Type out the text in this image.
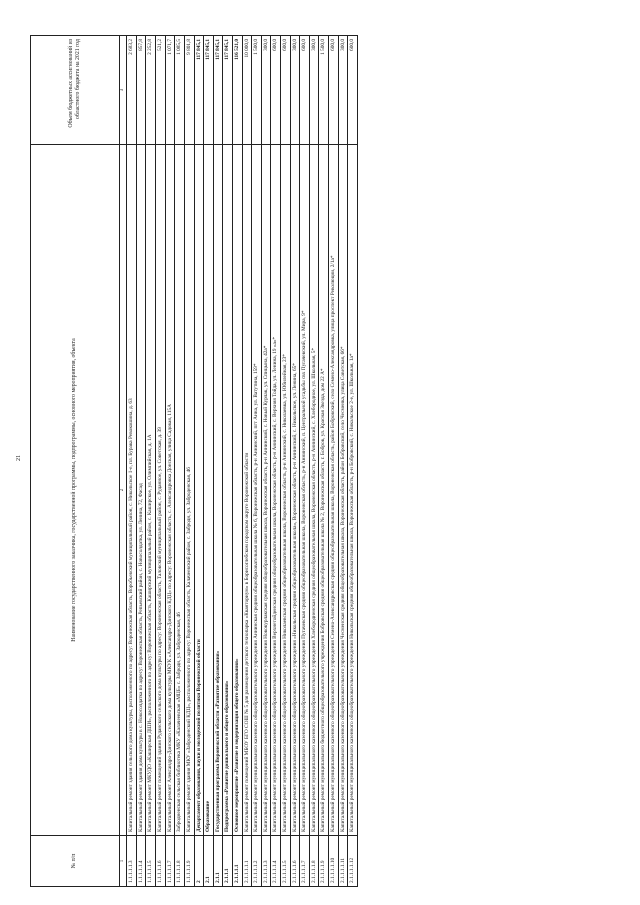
21
№ п/п	Наименование государственного заказчика, государственной программы, подпрограммы, основного мероприятия, объекта	Объем бюджетных ассигнований из областного бюджета на 2021 год
1	2	3
1.1.1.1.1.3	Капитальный ремонт здания сельского дома культуры, расположенного по адресу: Воронежская область, Воробьевский муниципальный район, с. Никольское 1-е, пл. Бурака Ревокошина, д. 63	2 683,2
1.1.1.1.1.4	Капитальный ремонт здания дома культуры в с. Новосолдатка по адресу: Воронежская область, Репьевский район, с. Новосолдатка, ул. Ленина, 72, Фасад	857,8
1.1.1.1.1.5	Капитальный ремонт МКУДО «Каширская ДШИ», расположенного по адресу: Воронежская область, Каширский муниципальный район, с. Каширское, ул. Олимпийская, д. 1А	2 252,8
1.1.1.1.1.6	Капитальный ремонт помещений здания Руданского сельского дома культуры по адресу: Воронежская область, Таловский муниципальный район, с. Руданное, ул. Советская, д. 39	521,2
1.1.1.1.1.7	Капитальный ремонт Александро-Донского сельского дома культуры МКУК «Александро-Донского КДЦ» по адресу: Воронежская область, с. Александровка Донская, улица Садовая, 115А	1 071,7
1.1.1.1.1.8	Забродненская сельская библиотека МКУ «Калачеевская «МЦБ» с. Забродн, ул. Заброденская, 46	1 085,5
1.1.1.1.1.9	Капитальный ремонт здания МКУ «Заброденский КДЦ», расположенного по адресу: Воронежская область, Калачеевский район, с. Забродн, ул. Заброденская, 46	9 801,8
2	Департамент образования, науки и молодежной политики Воронежской области	117 845,1
2.1	Образование	117 845,1
2.1.1	Государственная программа Воронежской области «Развитие образования»	117 845,1
2.1.1.1	Подпрограмма «Развитие дошкольного и общего образования»	117 845,1
2.1.1.1.1	Основное мероприятие «Развитие и модернизация общего образования»	116 521,0
2.1.1.1.1.1	Капитальный ремонт помещений МБОУ БГО СОШ № 5 для размещения детского технопарка «Кванториум» в Борисоглебском городском округе Воронежской области	10 000,0
2.1.1.1.1.2	Капитальный ремонт муниципального казенного общеобразовательного учреждения Аннинская средняя общеобразовательная школа № 6, Воронежская область, р-н Аннинский, пгт Анна, ул. Ватутина, 159*	1 500,0
2.1.1.1.1.3	Капитальный ремонт муниципального казенного общеобразовательного учреждения Новокурлакская средняя общеобразовательная школа, Воронежская область, р-н Аннинский, с. Новый Курлак, ул. Спицына, 42а*	300,0
2.1.1.1.1.4	Капитальный ремонт муниципального казенного общеобразовательного учреждения Верхнетойденская средняя общеобразовательная школа, Воронежская область, р-н Аннинский, с. Верхняя Тойда, ул. Ленина, 19 «а»*	600,0
2.1.1.1.1.5	Капитальный ремонт муниципального казенного общеобразовательного учреждения Николаевская средняя общеобразовательная школа, Воронежская область, р-н Аннинский, с. Николаевка, ул. Юбилейная, 23*	600,0
2.1.1.1.1.6	Капитальный ремонт муниципального казенного общеобразовательного учреждения «Никольская средняя общеобразовательная школа», Воронежская область, р-н Аннинский, с. Никольское, ул. Ленина, 65*	300,0
2.1.1.1.1.7	Капитальный ремонт муниципального казенного общеобразовательного учреждения Пугачевская средняя общеобразовательная школа, Воронежская область, р-н Аннинский, п. Центральной усадьбы свх Пугачевский, ул. Мира, 9*	600,0
2.1.1.1.1.8	Капитальный ремонт муниципального казенного общеобразовательного учреждения Хлебородненская средняя общеобразовательная школа, Воронежская область, р-н Аннинский, с. Хлебородное, ул. Школьная, 5*	300,0
2.1.1.1.1.9	Капитальный ремонт муниципального бюджетного общеобразовательного учреждения Бобровская средняя общеобразовательная школа № 2, Воронежская область, г. Бобров, ул. Красная Звезда, дом 22 А*	1 500,0
2.1.1.1.1.10	Капитальный ремонт муниципального казенного общеобразовательного учреждения Семено-Александровская средняя общеобразовательная школа, Воронежская область, район Бобровский, село Семено-Александровка, улица проспект Революции, 2/1а*	600,0
2.1.1.1.1.11	Капитальный ремонт муниципального казенного общеобразовательного учреждения Чесменская средняя общеобразовательная школа, Воронежская область, район Бобровский, село Чесменка, улица Советская, 66*	300,0
2.1.1.1.1.12	Капитальный ремонт муниципального казенного общеобразовательного учреждения Никольская средняя общеобразовательная школа, Воронежская область, р-н Бобровский, с. Никольское 2-е, ул. Школьная, 1а*	600,0
